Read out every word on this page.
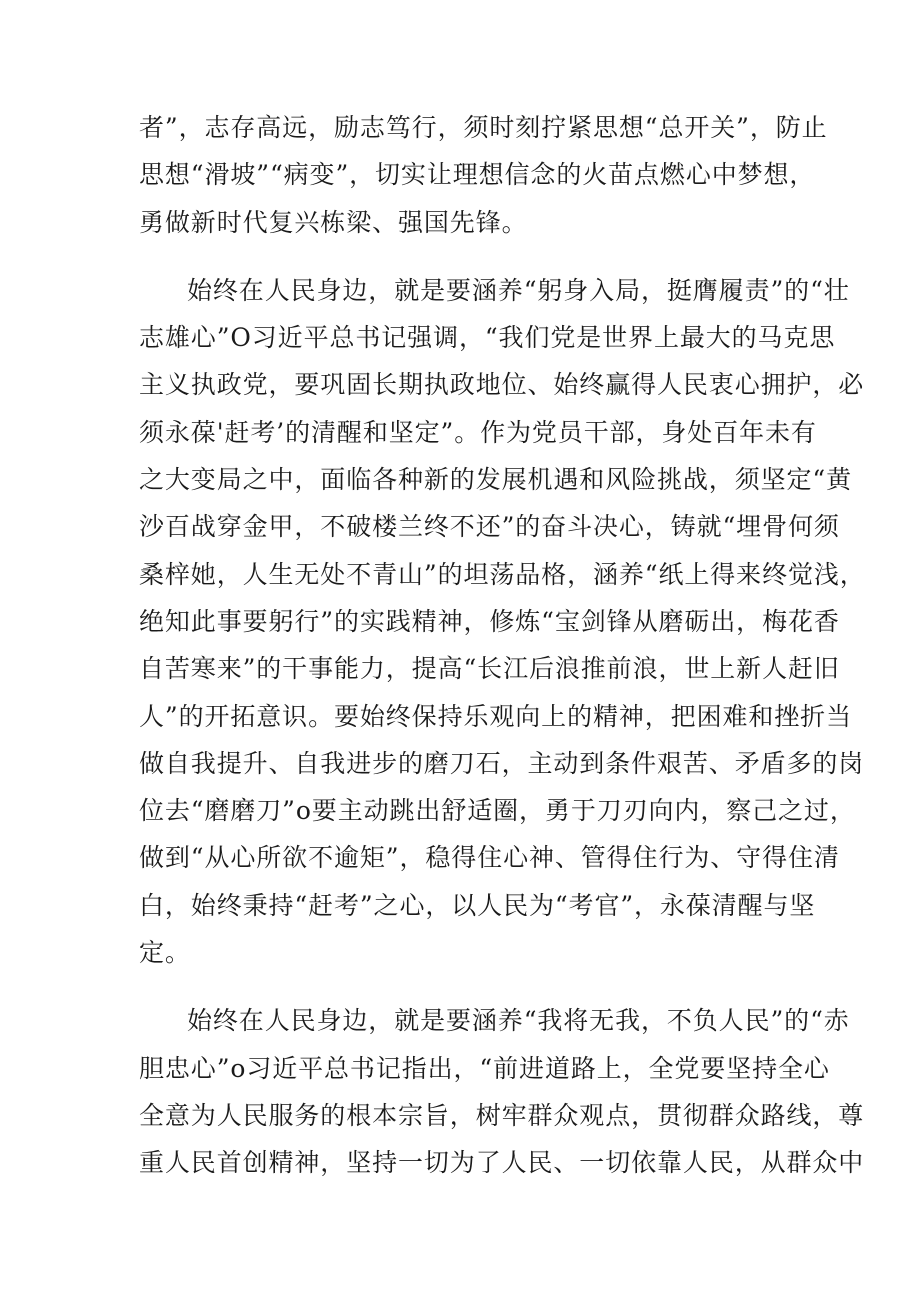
者”，志存高远，励志笃行，须时刻拧紧思想“总开关”，防止
思想“滑坡”“病变”，切实让理想信念的火苗点燃心中梦想，
勇做新时代复兴栋梁、强国先锋。

始终在人民身边，就是要涵养“躬身入局，挺膺履责”的“壮
志雄心”O习近平总书记强调，“我们党是世界上最大的马克思
主义执政党，要巩固长期执政地位、始终赢得人民衷心拥护，必
须永葆'赶考’的清醒和坚定”。作为党员干部，身处百年未有
之大变局之中，面临各种新的发展机遇和风险挑战，须坚定“黄
沙百战穿金甲，不破楼兰终不还”的奋斗决心，铸就“埋骨何须
桑梓她，人生无处不青山”的坦荡品格，涵养“纸上得来终觉浅，
绝知此事要躬行”的实践精神，修炼“宝剑锋从磨砺出，梅花香
自苦寒来”的干事能力，提高“长江后浪推前浪，世上新人赶旧
人”的开拓意识。要始终保持乐观向上的精神，把困难和挫折当
做自我提升、自我进步的磨刀石，主动到条件艰苦、矛盾多的岗
位去“磨磨刀”o要主动跳出舒适圈，勇于刀刃向内，察己之过，
做到“从心所欲不逾矩”，稳得住心神、管得住行为、守得住清
白，始终秉持“赶考”之心，以人民为“考官”，永葆清醒与坚
定。

始终在人民身边，就是要涵养“我将无我，不负人民”的“赤
胆忠心”o习近平总书记指出，“前进道路上，全党要坚持全心
全意为人民服务的根本宗旨，树牢群众观点，贯彻群众路线，尊
重人民首创精神，坚持一切为了人民、一切依靠人民，从群众中
